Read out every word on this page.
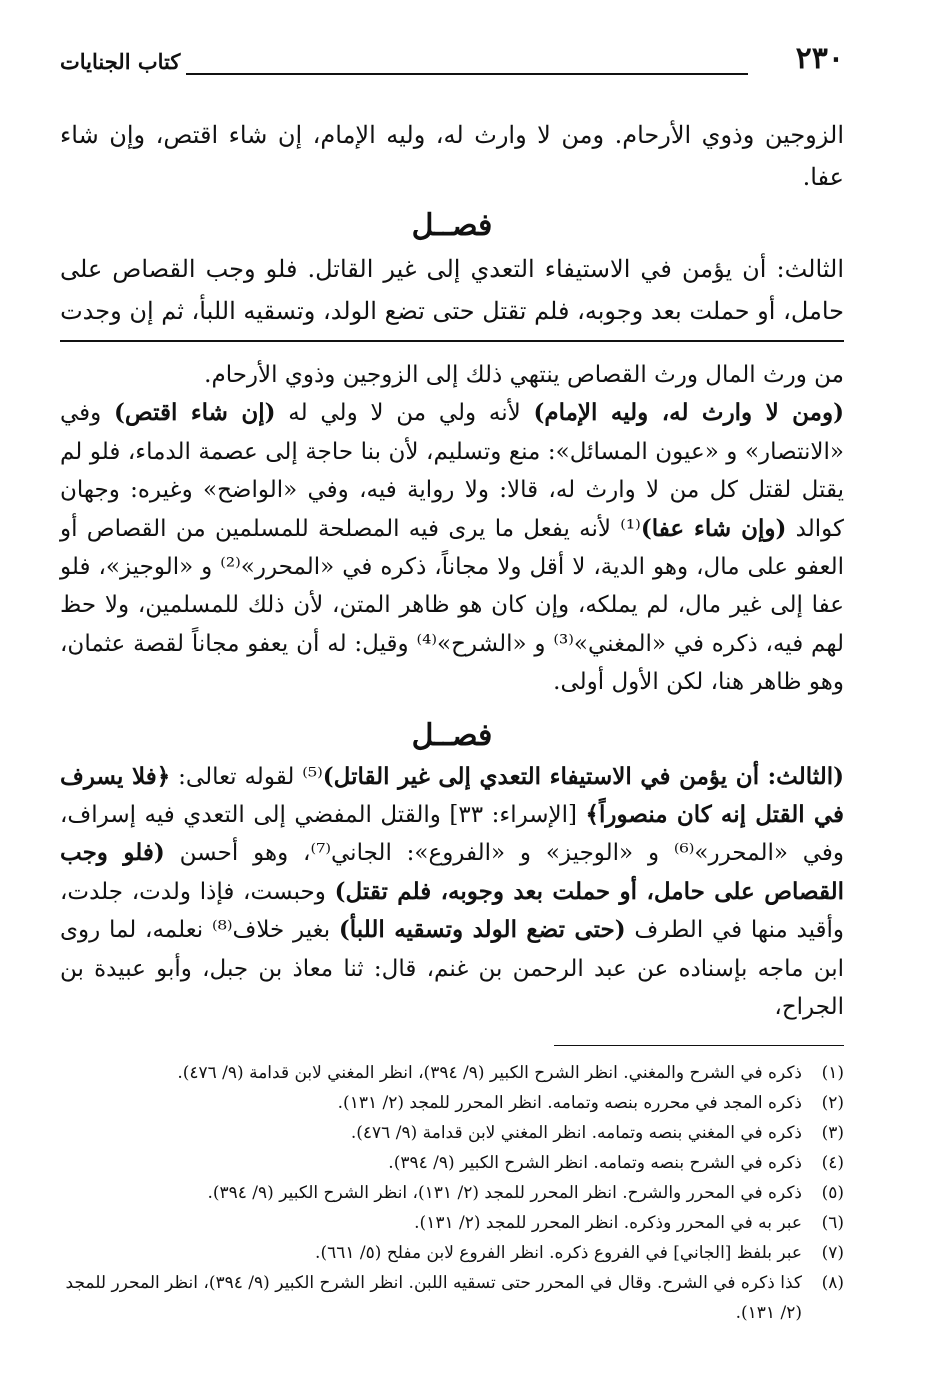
٢٣٠
كتاب الجنايات

الزوجين وذوي الأرحام. ومن لا وارث له، وليه الإمام، إن شاء اقتص، وإن شاء عفا.

فصــل

الثالث: أن يؤمن في الاستيفاء التعدي إلى غير القاتل. فلو وجب القصاص على حامل، أو حملت بعد وجوبه، فلم تقتل حتى تضع الولد، وتسقيه اللبأ، ثم إن وجدت

من ورث المال ورث القصاص ينتهي ذلك إلى الزوجين وذوي الأرحام.

(ومن لا وارث له، وليه الإمام) لأنه ولي من لا ولي له (إن شاء اقتص) وفي «الانتصار» و «عيون المسائل»: منع وتسليم، لأن بنا حاجة إلى عصمة الدماء، فلو لم يقتل لقتل كل من لا وارث له، قالا: ولا رواية فيه، وفي «الواضح» وغيره: وجهان كوالد (وإن شاء عفا)⁽¹⁾ لأنه يفعل ما يرى فيه المصلحة للمسلمين من القصاص أو العفو على مال، وهو الدية، لا أقل ولا مجاناً، ذكره في «المحرر»⁽²⁾ و «الوجيز»، فلو عفا إلى غير مال، لم يملكه، وإن كان هو ظاهر المتن، لأن ذلك للمسلمين، ولا حظ لهم فيه، ذكره في «المغني»⁽³⁾ و «الشرح»⁽⁴⁾ وقيل: له أن يعفو مجاناً لقصة عثمان، وهو ظاهر هنا، لكن الأول أولى.

فصــل

(الثالث: أن يؤمن في الاستيفاء التعدي إلى غير القاتل)⁽⁵⁾ لقوله تعالى: ﴿فلا يسرف في القتل إنه كان منصوراً﴾ [الإسراء: ٣٣] والقتل المفضي إلى التعدي فيه إسراف، وفي «المحرر»⁽⁶⁾ و «الوجيز» و «الفروع»: الجاني⁽⁷⁾، وهو أحسن (فلو وجب القصاص على حامل، أو حملت بعد وجوبه، فلم تقتل) وحبست، فإذا ولدت، جلدت، وأقيد منها في الطرف (حتى تضع الولد وتسقيه اللبأ) بغير خلاف⁽⁸⁾ نعلمه، لما روى ابن ماجه بإسناده عن عبد الرحمن بن غنم، قال: ثنا معاذ بن جبل، وأبو عبيدة بن الجراح،

(١)
ذكره في الشرح والمغني. انظر الشرح الكبير (٩/ ٣٩٤)، انظر المغني لابن قدامة (٩/ ٤٧٦).
(٢)
ذكره المجد في محرره بنصه وتمامه. انظر المحرر للمجد (٢/ ١٣١).
(٣)
ذكره في المغني بنصه وتمامه. انظر المغني لابن قدامة (٩/ ٤٧٦).
(٤)
ذكره في الشرح بنصه وتمامه. انظر الشرح الكبير (٩/ ٣٩٤).
(٥)
ذكره في المحرر والشرح. انظر المحرر للمجد (٢/ ١٣١)، انظر الشرح الكبير (٩/ ٣٩٤).
(٦)
عبر به في المحرر وذكره. انظر المحرر للمجد (٢/ ١٣١).
(٧)
عبر بلفظ [الجاني] في الفروع ذكره. انظر الفروع لابن مفلح (٥/ ٦٦١).
(٨)
كذا ذكره في الشرح. وقال في المحرر حتى تسقيه اللبن. انظر الشرح الكبير (٩/ ٣٩٤)، انظر المحرر للمجد (٢/ ١٣١).
